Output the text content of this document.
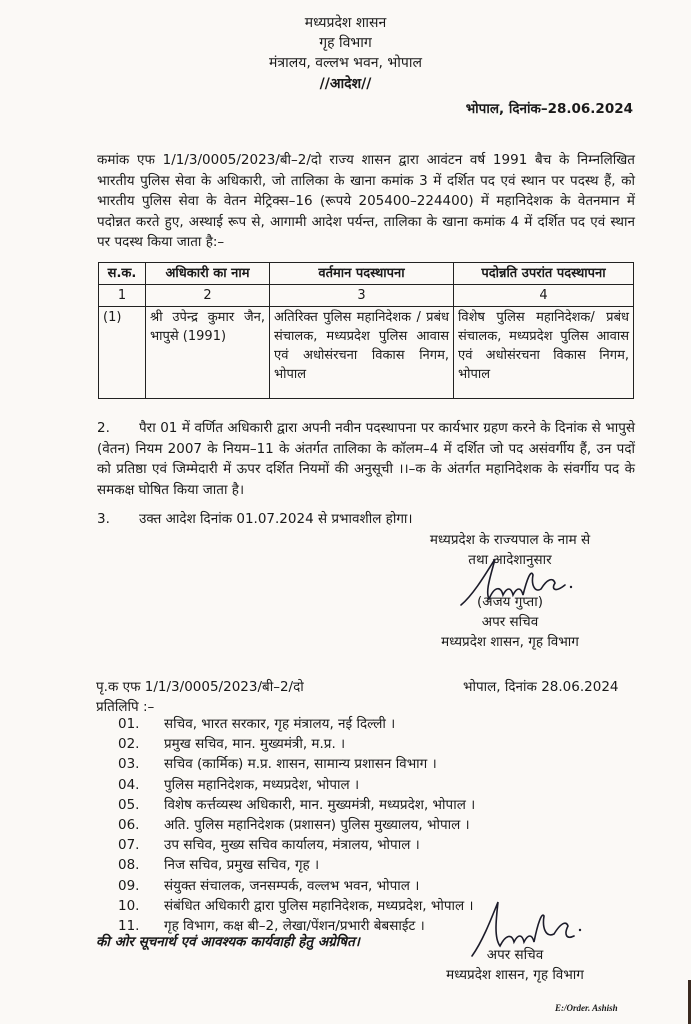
मध्यप्रदेश शासन
गृह विभाग
मंत्रालय, वल्लभ भवन, भोपाल
//आदेश//
भोपाल, दिनांक–28.06.2024
कमांक एफ 1/1/3/0005/2023/बी–2/दो राज्य शासन द्वारा आवंटन वर्ष 1991 बैच के निम्नलिखित भारतीय पुलिस सेवा के अधिकारी, जो तालिका के खाना कमांक 3 में दर्शित पद एवं स्थान पर पदस्थ हैं, को भारतीय पुलिस सेवा के वेतन मेट्रिक्स–16 (रूपये 205400–224400) में महानिदेशक के वेतनमान में पदोन्नत करते हुए, अस्थाई रूप से, आगामी आदेश पर्यन्त, तालिका के खाना कमांक 4 में दर्शित पद एवं स्थान पर पदस्थ किया जाता है:–
स.क.	अधिकारी का नाम	वर्तमान पदस्थापना	पदोन्नति उपरांत पदस्थापना
1	2	3	4
(1)	श्री उपेन्द्र कुमार जैन, भापुसे (1991)	अतिरिक्त पुलिस महानिदेशक / प्रबंध संचालक, मध्यप्रदेश पुलिस आवास एवं अधोसंरचना विकास निगम, भोपाल	विशेष पुलिस महानिदेशक/ प्रबंध संचालक, मध्यप्रदेश पुलिस आवास एवं अधोसंरचना विकास निगम, भोपाल
2. पैरा 01 में वर्णित अधिकारी द्वारा अपनी नवीन पदस्थापना पर कार्यभार ग्रहण करने के दिनांक से भापुसे (वेतन) नियम 2007 के नियम–11 के अंतर्गत तालिका के कॉलम–4 में दर्शित जो पद असंवर्गीय हैं, उन पदों को प्रतिष्ठा एवं जिम्मेदारी में ऊपर दर्शित नियमों की अनुसूची ।।–क के अंतर्गत महानिदेशक के संवर्गीय पद के समकक्ष घोषित किया जाता है।
3. उक्त आदेश दिनांक 01.07.2024 से प्रभावशील होगा।
मध्यप्रदेश के राज्यपाल के नाम से
तथा आदेशानुसार
(अजय गुप्ता)
अपर सचिव
मध्यप्रदेश शासन, गृह विभाग
पृ.क एफ 1/1/3/0005/2023/बी–2/दो	भोपाल, दिनांक 28.06.2024
प्रतिलिपि :–
01. सचिव, भारत सरकार, गृह मंत्रालय, नई दिल्ली ।
02. प्रमुख सचिव, मान. मुख्यमंत्री, म.प्र. ।
03. सचिव (कार्मिक) म.प्र. शासन, सामान्य प्रशासन विभाग ।
04. पुलिस महानिदेशक, मध्यप्रदेश, भोपाल ।
05. विशेष कर्त्तव्यस्थ अधिकारी, मान. मुख्यमंत्री, मध्यप्रदेश, भोपाल ।
06. अति. पुलिस महानिदेशक (प्रशासन) पुलिस मुख्यालय, भोपाल ।
07. उप सचिव, मुख्य सचिव कार्यालय, मंत्रालय, भोपाल ।
08. निज सचिव, प्रमुख सचिव, गृह ।
09. संयुक्त संचालक, जनसम्पर्क, वल्लभ भवन, भोपाल ।
10. संबंधित अधिकारी द्वारा पुलिस महानिदेशक, मध्यप्रदेश, भोपाल ।
11. गृह विभाग, कक्ष बी–2, लेखा/पेंशन/प्रभारी बेबसाईट ।
की ओर सूचनार्थ एवं आवश्यक कार्यवाही हेतु अग्रेषित।
अपर सचिव
मध्यप्रदेश शासन, गृह विभाग
E:/Order. Ashish
